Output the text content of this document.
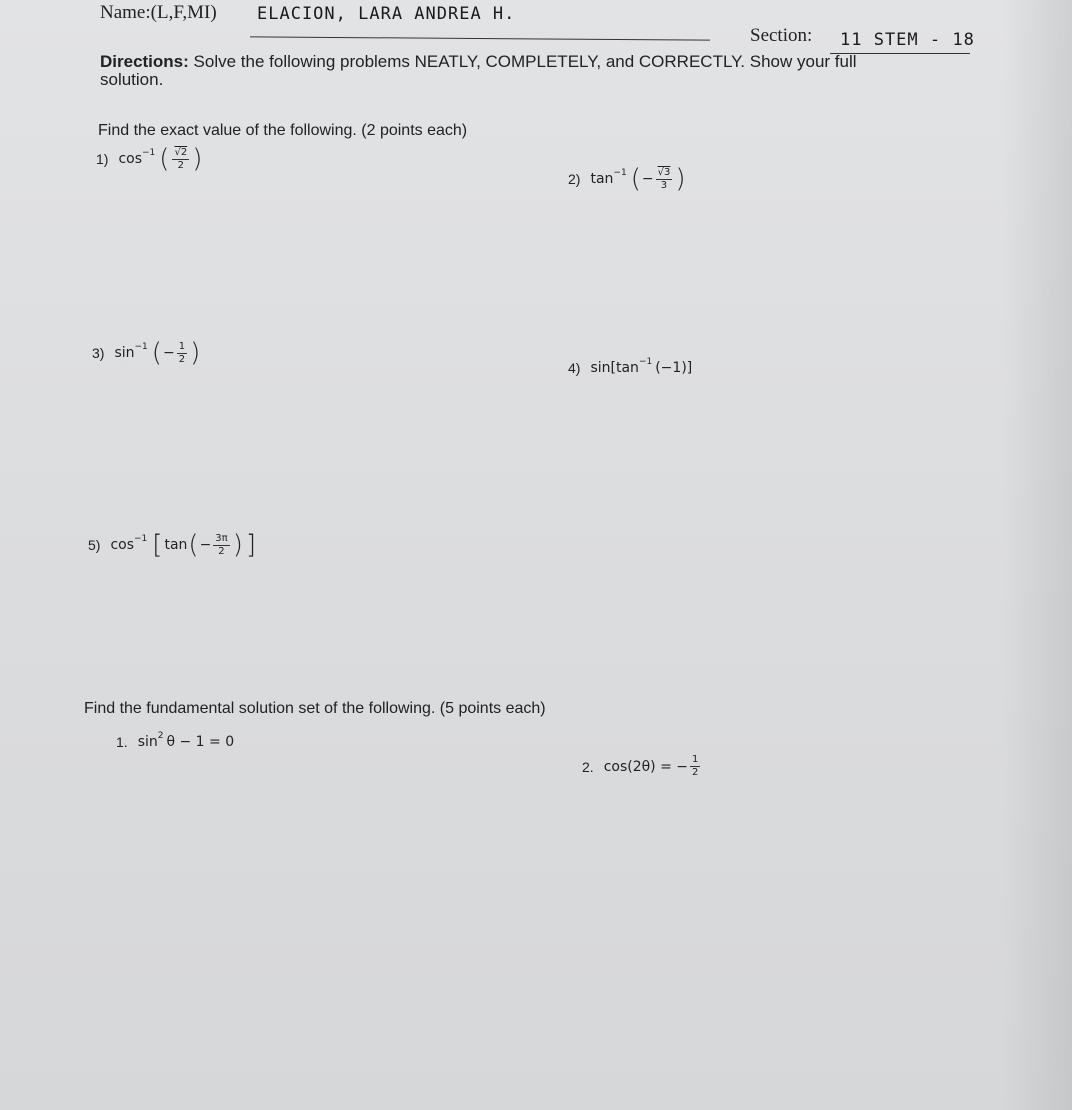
Name:(L,F,MI) ELACION, LARA ANDREA H.
Section: 11 STEM - 18
Directions: Solve the following problems NEATLY, COMPLETELY, and CORRECTLY. Show your full
solution.
Find the exact value of the following. (2 points each)
1) cos −1 ( $\frac{√2}{2}$ )
2) tan −1 ( − $\frac{√3}{3}$ )
3) sin −1 ( − $\frac{1}{2}$ )	4) sin [ tan −1 (−1) ]
5) cos −1 [ tan ( − $\frac{3\pi}{2}$ ) ]
Find the fundamental solution set of the following. (5 points each)
1. sin 2 θ − 1 = 0
2. cos(2θ) =
− $\frac{1}{2}$
